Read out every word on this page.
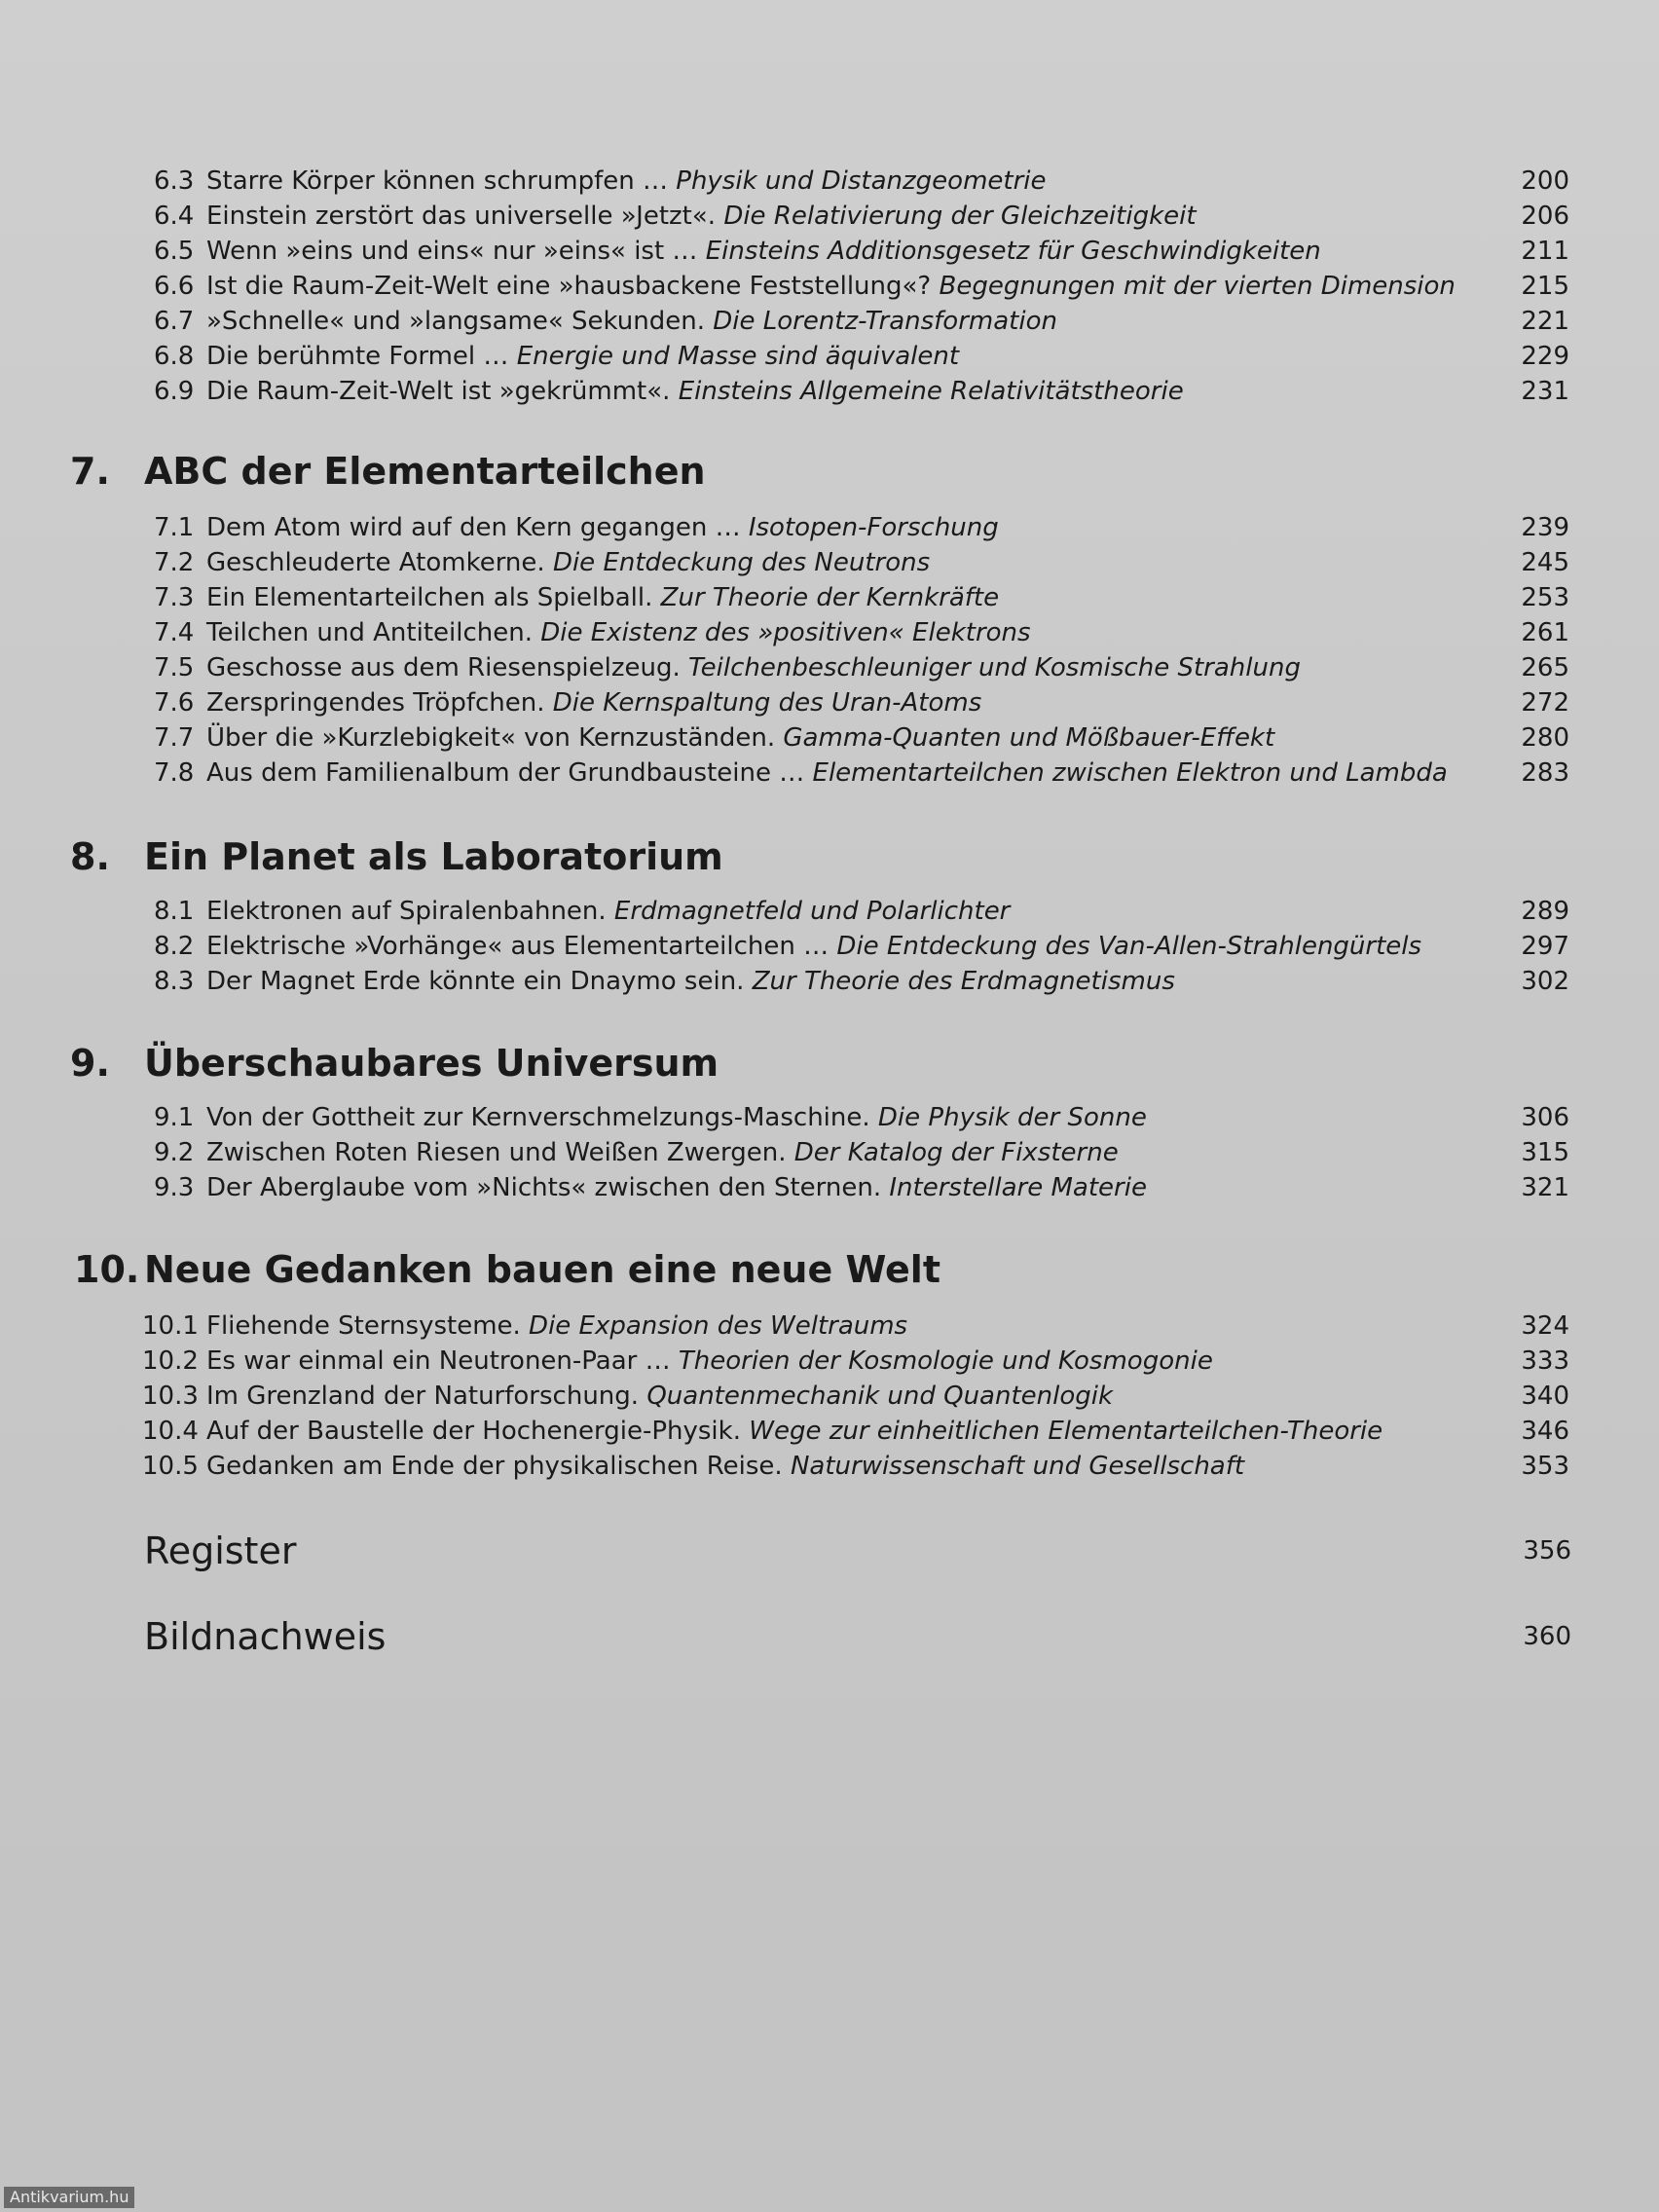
6.3 Starre Körper können schrumpfen … Physik und Distanzgeometrie	200
6.4 Einstein zerstört das universelle »Jetzt«. Die Relativierung der Gleichzeitigkeit	206
6.5 Wenn »eins und eins« nur »eins« ist … Einsteins Additionsgesetz für Geschwindigkeiten	211
6.6 Ist die Raum-Zeit-Welt eine »hausbackene Feststellung«? Begegnungen mit der vierten Dimension	215
6.7 »Schnelle« und »langsame« Sekunden. Die Lorentz-Transformation	221
6.8 Die berühmte Formel … Energie und Masse sind äquivalent	229
6.9 Die Raum-Zeit-Welt ist »gekrümmt«. Einsteins Allgemeine Relativitätstheorie	231
7. ABC der Elementarteilchen
7.1 Dem Atom wird auf den Kern gegangen … Isotopen-Forschung	239
7.2 Geschleuderte Atomkerne. Die Entdeckung des Neutrons	245
7.3 Ein Elementarteilchen als Spielball. Zur Theorie der Kernkräfte	253
7.4 Teilchen und Antiteilchen. Die Existenz des »positiven« Elektrons	261
7.5 Geschosse aus dem Riesenspielzeug. Teilchenbeschleuniger und Kosmische Strahlung	265
7.6 Zerspringendes Tröpfchen. Die Kernspaltung des Uran-Atoms	272
7.7 Über die »Kurzlebigkeit« von Kernzuständen. Gamma-Quanten und Mößbauer-Effekt	280
7.8 Aus dem Familienalbum der Grundbausteine … Elementarteilchen zwischen Elektron und Lambda	283
8. Ein Planet als Laboratorium
8.1 Elektronen auf Spiralenbahnen. Erdmagnetfeld und Polarlichter	289
8.2 Elektrische »Vorhänge« aus Elementarteilchen … Die Entdeckung des Van-Allen-Strahlengürtels	297
8.3 Der Magnet Erde könnte ein Dnaymo sein. Zur Theorie des Erdmagnetismus	302
9. Überschaubares Universum
9.1 Von der Gottheit zur Kernverschmelzungs-Maschine. Die Physik der Sonne	306
9.2 Zwischen Roten Riesen und Weißen Zwergen. Der Katalog der Fixsterne	315
9.3 Der Aberglaube vom »Nichts« zwischen den Sternen. Interstellare Materie	321
10. Neue Gedanken bauen eine neue Welt
10.1 Fliehende Sternsysteme. Die Expansion des Weltraums	324
10.2 Es war einmal ein Neutronen-Paar … Theorien der Kosmologie und Kosmogonie	333
10.3 Im Grenzland der Naturforschung. Quantenmechanik und Quantenlogik	340
10.4 Auf der Baustelle der Hochenergie-Physik. Wege zur einheitlichen Elementarteilchen-Theorie	346
10.5 Gedanken am Ende der physikalischen Reise. Naturwissenschaft und Gesellschaft	353
Register	356
Bildnachweis	360
Antikvarium.hu
